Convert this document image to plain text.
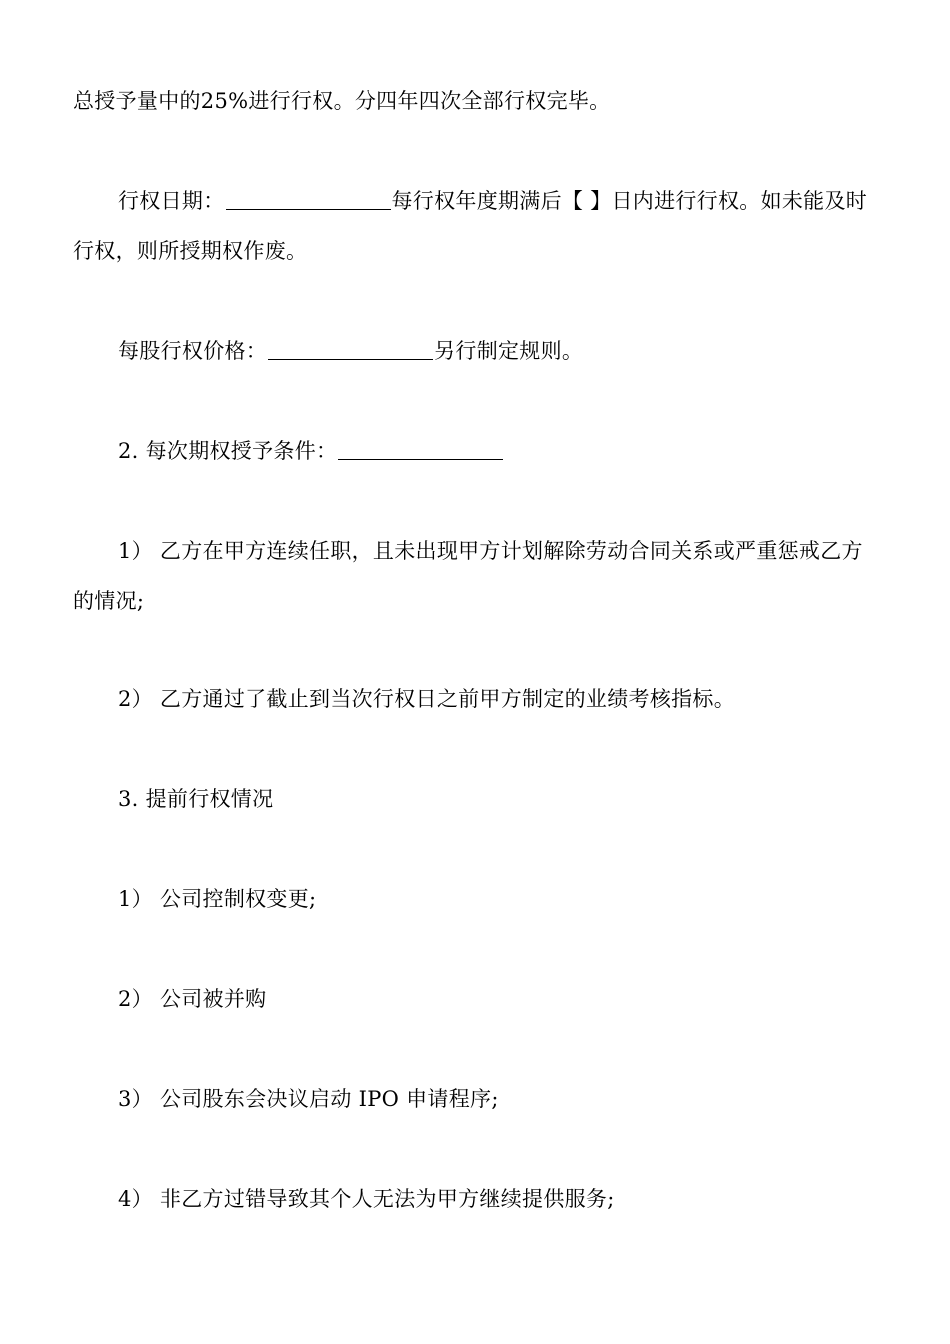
总授予量中的25%进行行权。分四年四次全部行权完毕。

行权日期：	每行权年度期满后【 】日内进行行权。如未能及时行权，则所授期权作废。

每股行权价格：	另行制定规则。

2. 每次期权授予条件：

1） 乙方在甲方连续任职，且未出现甲方计划解除劳动合同关系或严重惩戒乙方的情况;

2） 乙方通过了截止到当次行权日之前甲方制定的业绩考核指标。

3. 提前行权情况

1） 公司控制权变更;

2） 公司被并购

3） 公司股东会决议启动 IPO 申请程序;

4） 非乙方过错导致其个人无法为甲方继续提供服务;
